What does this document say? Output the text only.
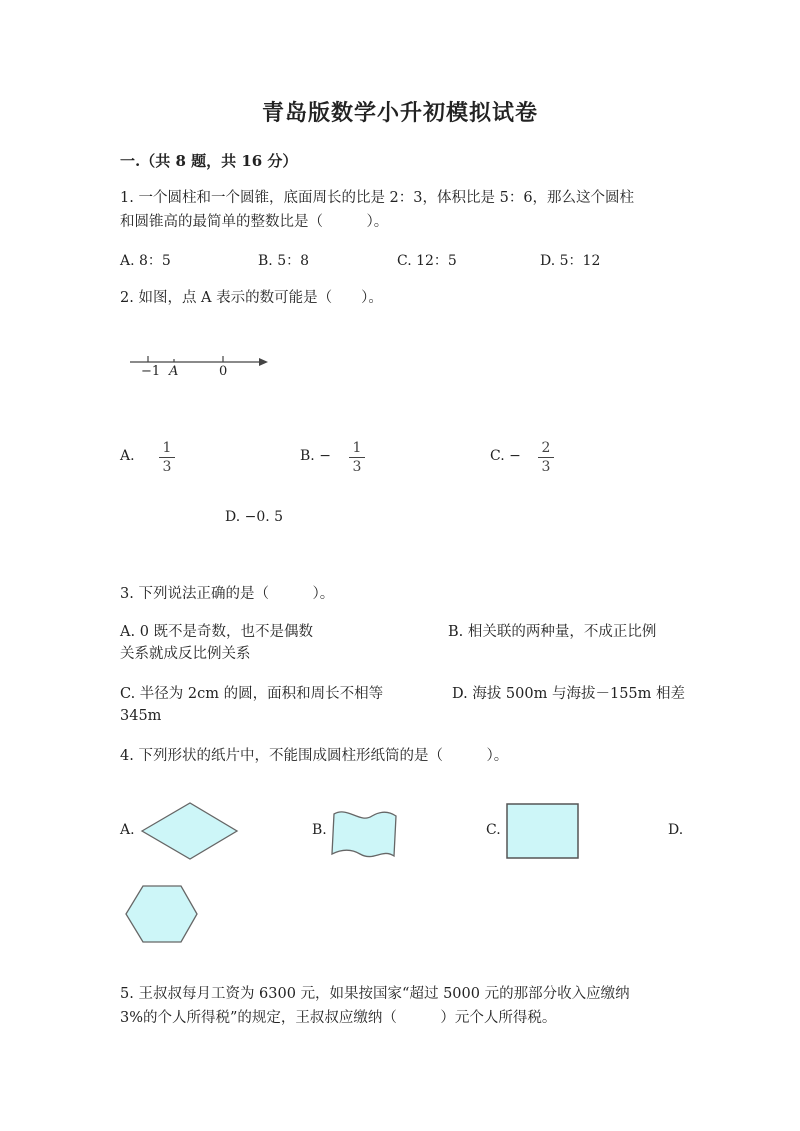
青岛版数学小升初模拟试卷
一.（共 8 题，共 16 分）
1. 一个圆柱和一个圆锥，底面周长的比是 2：3，体积比是 5：6，那么这个圆柱
和圆锥高的最简单的整数比是（　　　）。
A. 8：5	B. 5：8	C. 12：5	D. 5：12
2. 如图，点 A 表示的数可能是（　　）。
−1 A	0
A. $\frac{1}{3}$	B. − $\frac{1}{3}$	C. − $\frac{2}{3}$
D. −0. 5
3. 下列说法正确的是（　　　）。
A. 0 既不是奇数，也不是偶数	B. 相关联的两种量，不成正比例
关系就成反比例关系
C. 半径为 2cm 的圆，面积和周长不相等	D. 海拔 500m 与海拔－155m 相差
345m
4. 下列形状的纸片中，不能围成圆柱形纸筒的是（　　　）。
A.	B.	C.	D.
5. 王叔叔每月工资为 6300 元，如果按国家“超过 5000 元的那部分收入应缴纳
3%的个人所得税”的规定，王叔叔应缴纳（　　　）元个人所得税。
